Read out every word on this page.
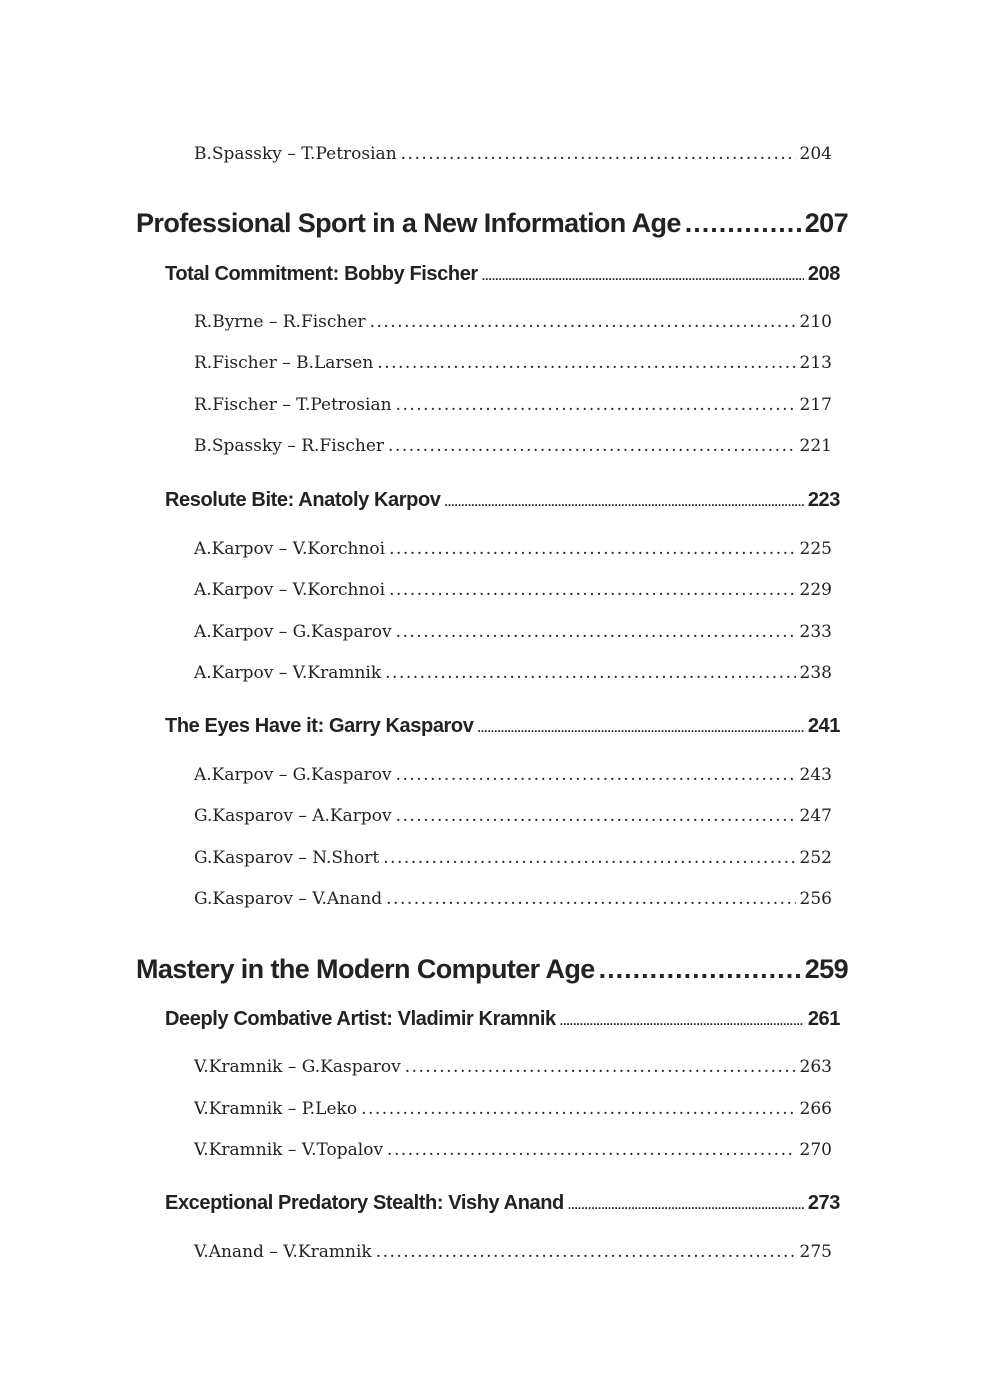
B.Spassky – T.Petrosian .....	204
Professional Sport in a New Information Age .....	207
Total Commitment: Bobby Fischer .....	208
R.Byrne – R.Fischer .....	210
R.Fischer – B.Larsen .....	213
R.Fischer – T.Petrosian .....	217
B.Spassky – R.Fischer .....	221
Resolute Bite: Anatoly Karpov .....	223
A.Karpov – V.Korchnoi .....	225
A.Karpov – V.Korchnoi .....	229
A.Karpov – G.Kasparov .....	233
A.Karpov – V.Kramnik .....	238
The Eyes Have it: Garry Kasparov .....	241
A.Karpov – G.Kasparov .....	243
G.Kasparov – A.Karpov .....	247
G.Kasparov – N.Short .....	252
G.Kasparov – V.Anand .....	256
Mastery in the Modern Computer Age .....	259
Deeply Combative Artist: Vladimir Kramnik .....	261
V.Kramnik – G.Kasparov .....	263
V.Kramnik – P.Leko .....	266
V.Kramnik – V.Topalov .....	270
Exceptional Predatory Stealth: Vishy Anand .....	273
V.Anand – V.Kramnik .....	275
